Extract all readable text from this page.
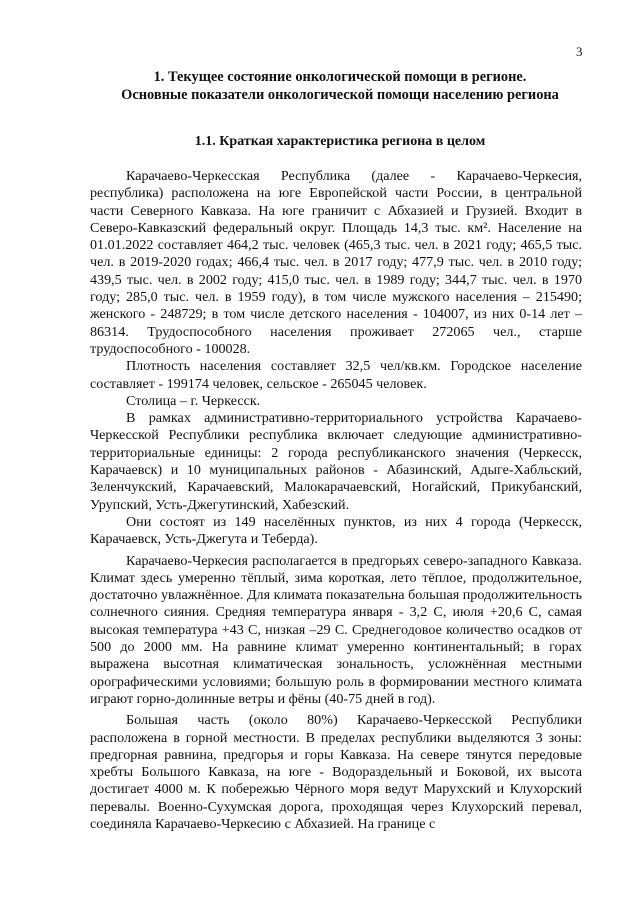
3
1. Текущее состояние онкологической помощи в регионе.
Основные показатели онкологической помощи населению региона
1.1. Краткая характеристика региона в целом

Карачаево-Черкесская Республика (далее - Карачаево-Черкесия, республика) расположена на юге Европейской части России, в центральной части Северного Кавказа. На юге граничит с Абхазией и Грузией. Входит в Северо-Кавказский федеральный округ. Площадь 14,3 тыс. км². Население на 01.01.2022 составляет 464,2 тыс. человек (465,3 тыс. чел. в 2021 году; 465,5 тыс. чел. в 2019-2020 годах; 466,4 тыс. чел. в 2017 году; 477,9 тыс. чел. в 2010 году; 439,5 тыс. чел. в 2002 году; 415,0 тыс. чел. в 1989 году; 344,7 тыс. чел. в 1970 году; 285,0 тыс. чел. в 1959 году), в том числе мужского населения – 215490; женского - 248729; в том числе детского населения - 104007, из них 0-14 лет – 86314. Трудоспособного населения проживает 272065 чел., старше трудоспособного - 100028.

Плотность населения составляет 32,5 чел/кв.км. Городское население составляет - 199174 человек, сельское - 265045 человек.

Столица – г. Черкесск.

В рамках административно-территориального устройства Карачаево-Черкесской Республики республика включает следующие административно-территориальные единицы: 2 города республиканского значения (Черкесск, Карачаевск) и 10 муниципальных районов - Абазинский, Адыге-Хабльский, Зеленчукский, Карачаевский, Малокарачаевский, Ногайский, Прикубанский, Урупский, Усть-Джегутинский, Хабезский.

Они состоят из 149 населённых пунктов, из них 4 города (Черкесск, Карачаевск, Усть-Джегута и Теберда).

Карачаево-Черкесия располагается в предгорьях северо-западного Кавказа. Климат здесь умеренно тёплый, зима короткая, лето тёплое, продолжительное, достаточно увлажнённое. Для климата показательна большая продолжительность солнечного сияния. Средняя температура января - 3,2 С, июля +20,6 С, самая высокая температура +43 С, низкая –29 С. Среднегодовое количество осадков от 500 до 2000 мм. На равнине климат умеренно континентальный; в горах выражена высотная климатическая зональность, усложнённая местными орографическими условиями; большую роль в формировании местного климата играют горно-долинные ветры и фёны (40-75 дней в год).

Большая часть (около 80%) Карачаево-Черкесской Республики расположена в горной местности. В пределах республики выделяются 3 зоны: предгорная равнина, предгорья и горы Кавказа. На севере тянутся передовые хребты Большого Кавказа, на юге - Водораздельный и Боковой, их высота достигает 4000 м. К побережью Чёрного моря ведут Марухский и Клухорский перевалы. Военно-Сухумская дорога, проходящая через Клухорский перевал, соединяла Карачаево-Черкесию с Абхазией. На границе с
